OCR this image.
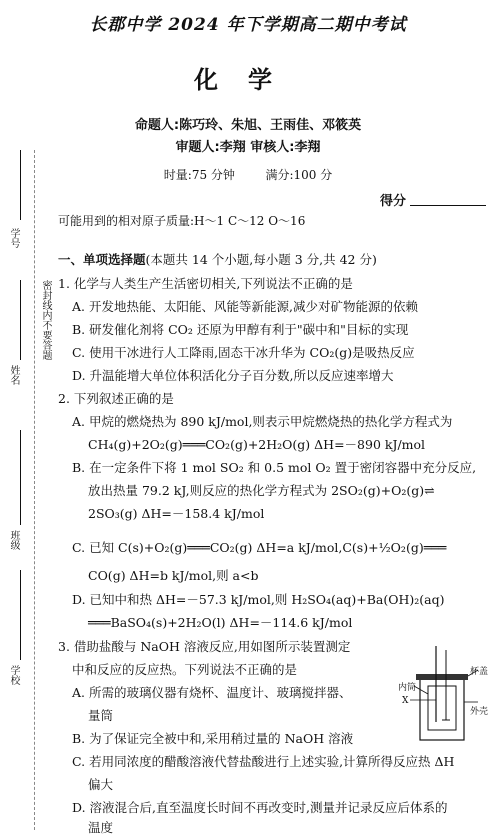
密封线内不要答题
学号
姓名
班级
学校
长郡中学 2024 年下学期高二期中考试
化学
命题人:陈巧玲、朱旭、王雨佳、邓筱英
审题人:李翔 审核人:李翔
时量:75 分钟        满分:100 分
得分
可能用到的相对原子质量:H～1 C～12 O～16
一、单项选择题(本题共 14 个小题,每小题 3 分,共 42 分)
1. 化学与人类生产生活密切相关,下列说法不正确的是
A. 开发地热能、太阳能、风能等新能源,减少对矿物能源的依赖
B. 研发催化剂将 CO₂ 还原为甲醇有利于"碳中和"目标的实现
C. 使用干冰进行人工降雨,固态干冰升华为 CO₂(g)是吸热反应
D. 升温能增大单位体积活化分子百分数,所以反应速率增大
2. 下列叙述正确的是
A. 甲烷的燃烧热为 890 kJ/mol,则表示甲烷燃烧热的热化学方程式为
CH₄(g)+2O₂(g)═══CO₂(g)+2H₂O(g) ΔH=－890 kJ/mol
B. 在一定条件下将 1 mol SO₂ 和 0.5 mol O₂ 置于密闭容器中充分反应,
放出热量 79.2 kJ,则反应的热化学方程式为 2SO₂(g)+O₂(g)⇌
2SO₃(g) ΔH=－158.4 kJ/mol
C. 已知 C(s)+O₂(g)═══CO₂(g) ΔH=a kJ/mol,C(s)+½O₂(g)═══
CO(g) ΔH=b kJ/mol,则 a<b
D. 已知中和热 ΔH=－57.3 kJ/mol,则 H₂SO₄(aq)+Ba(OH)₂(aq)
═══BaSO₄(s)+2H₂O(l) ΔH=－114.6 kJ/mol
3. 借助盐酸与 NaOH 溶液反应,用如图所示装置测定
中和反应的反应热。下列说法不正确的是
A. 所需的玻璃仪器有烧杯、温度计、玻璃搅拌器、
量筒
B. 为了保证完全被中和,采用稍过量的 NaOH 溶液
C. 若用同浓度的醋酸溶液代替盐酸进行上述实验,计算所得反应热 ΔH
偏大
D. 溶液混合后,直至温度长时间不再改变时,测量并记录反应后体系的
温度
内筒
X
杯盖
外壳
